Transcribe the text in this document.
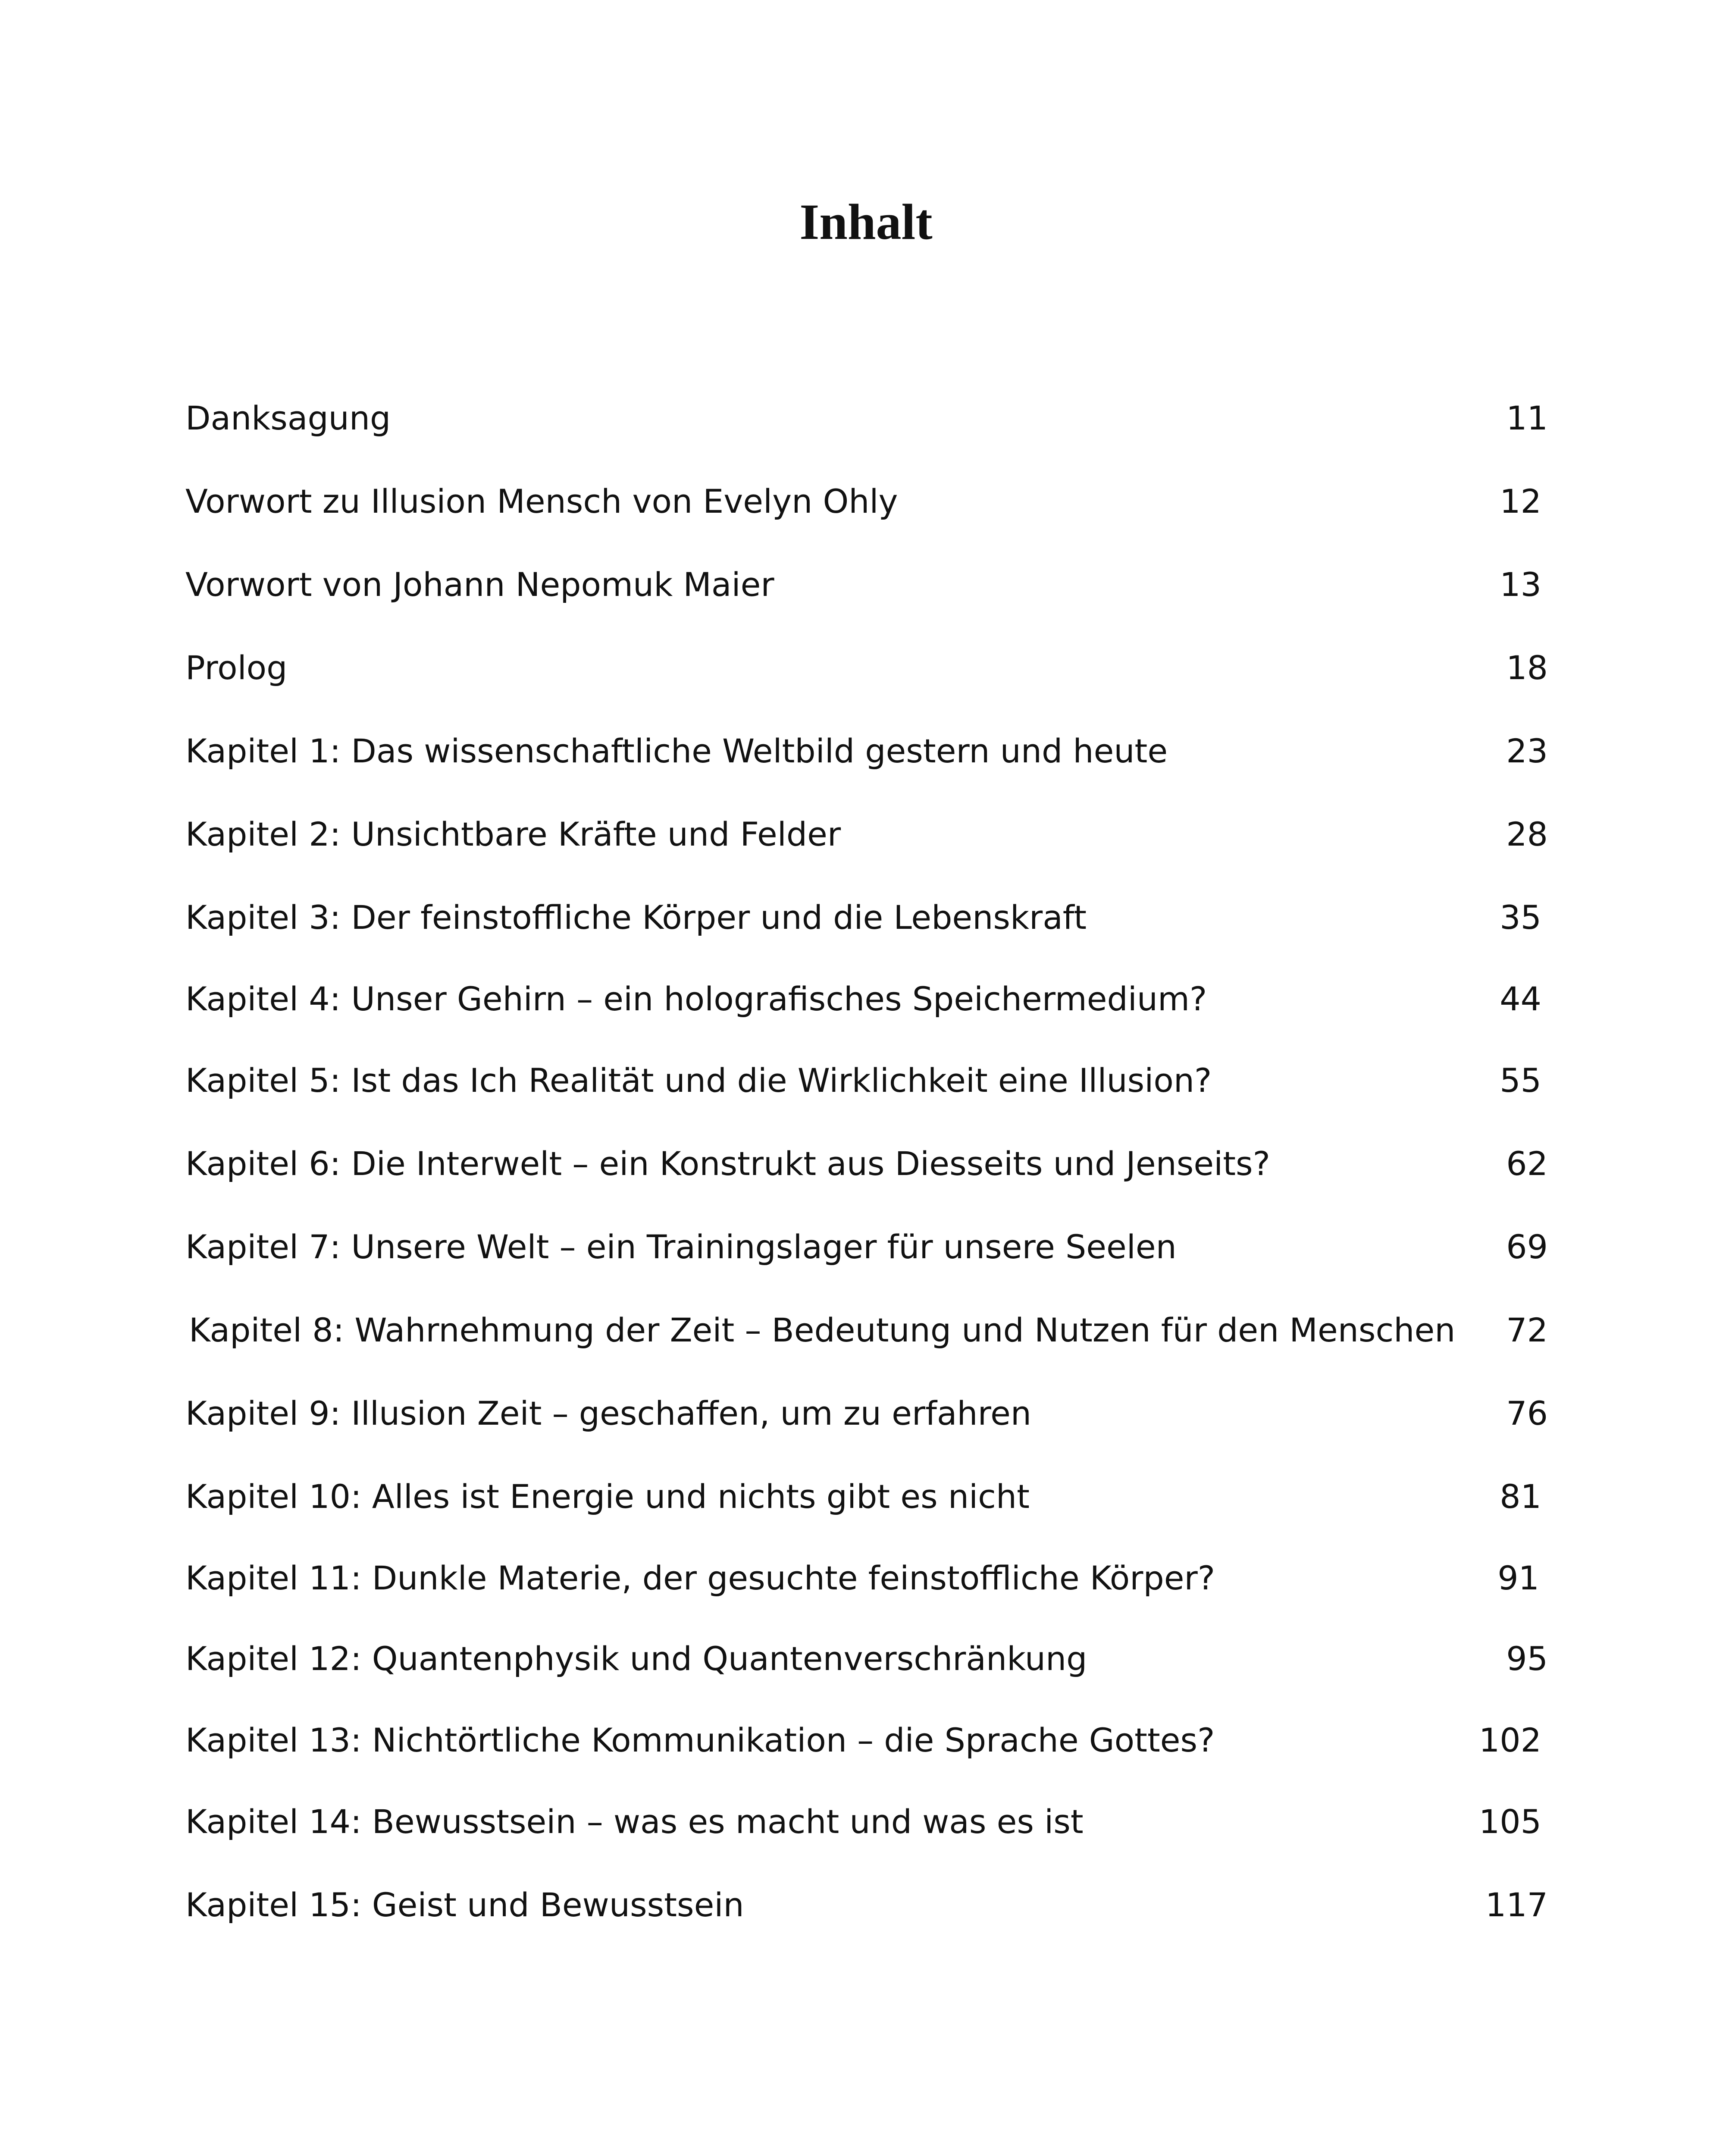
Inhalt
Danksagung	11
Vorwort zu Illusion Mensch von Evelyn Ohly	12
Vorwort von Johann Nepomuk Maier	13
Prolog	18
Kapitel 1: Das wissenschaftliche Weltbild gestern und heute	23
Kapitel 2: Unsichtbare Kräfte und Felder	28
Kapitel 3: Der feinstoffliche Körper und die Lebenskraft	35
Kapitel 4: Unser Gehirn – ein holografisches Speichermedium?	44
Kapitel 5: Ist das Ich Realität und die Wirklichkeit eine Illusion?	55
Kapitel 6: Die Interwelt – ein Konstrukt aus Diesseits und Jenseits?	62
Kapitel 7: Unsere Welt – ein Trainingslager für unsere Seelen	69
Kapitel 8: Wahrnehmung der Zeit – Bedeutung und Nutzen für den Menschen 72
Kapitel 9: Illusion Zeit – geschaffen, um zu erfahren	76
Kapitel 10: Alles ist Energie und nichts gibt es nicht	81
Kapitel 11: Dunkle Materie, der gesuchte feinstoffliche Körper?	91
Kapitel 12: Quantenphysik und Quantenverschränkung	95
Kapitel 13: Nichtörtliche Kommunikation – die Sprache Gottes?	102
Kapitel 14: Bewusstsein – was es macht und was es ist	105
Kapitel 15: Geist und Bewusstsein	117
